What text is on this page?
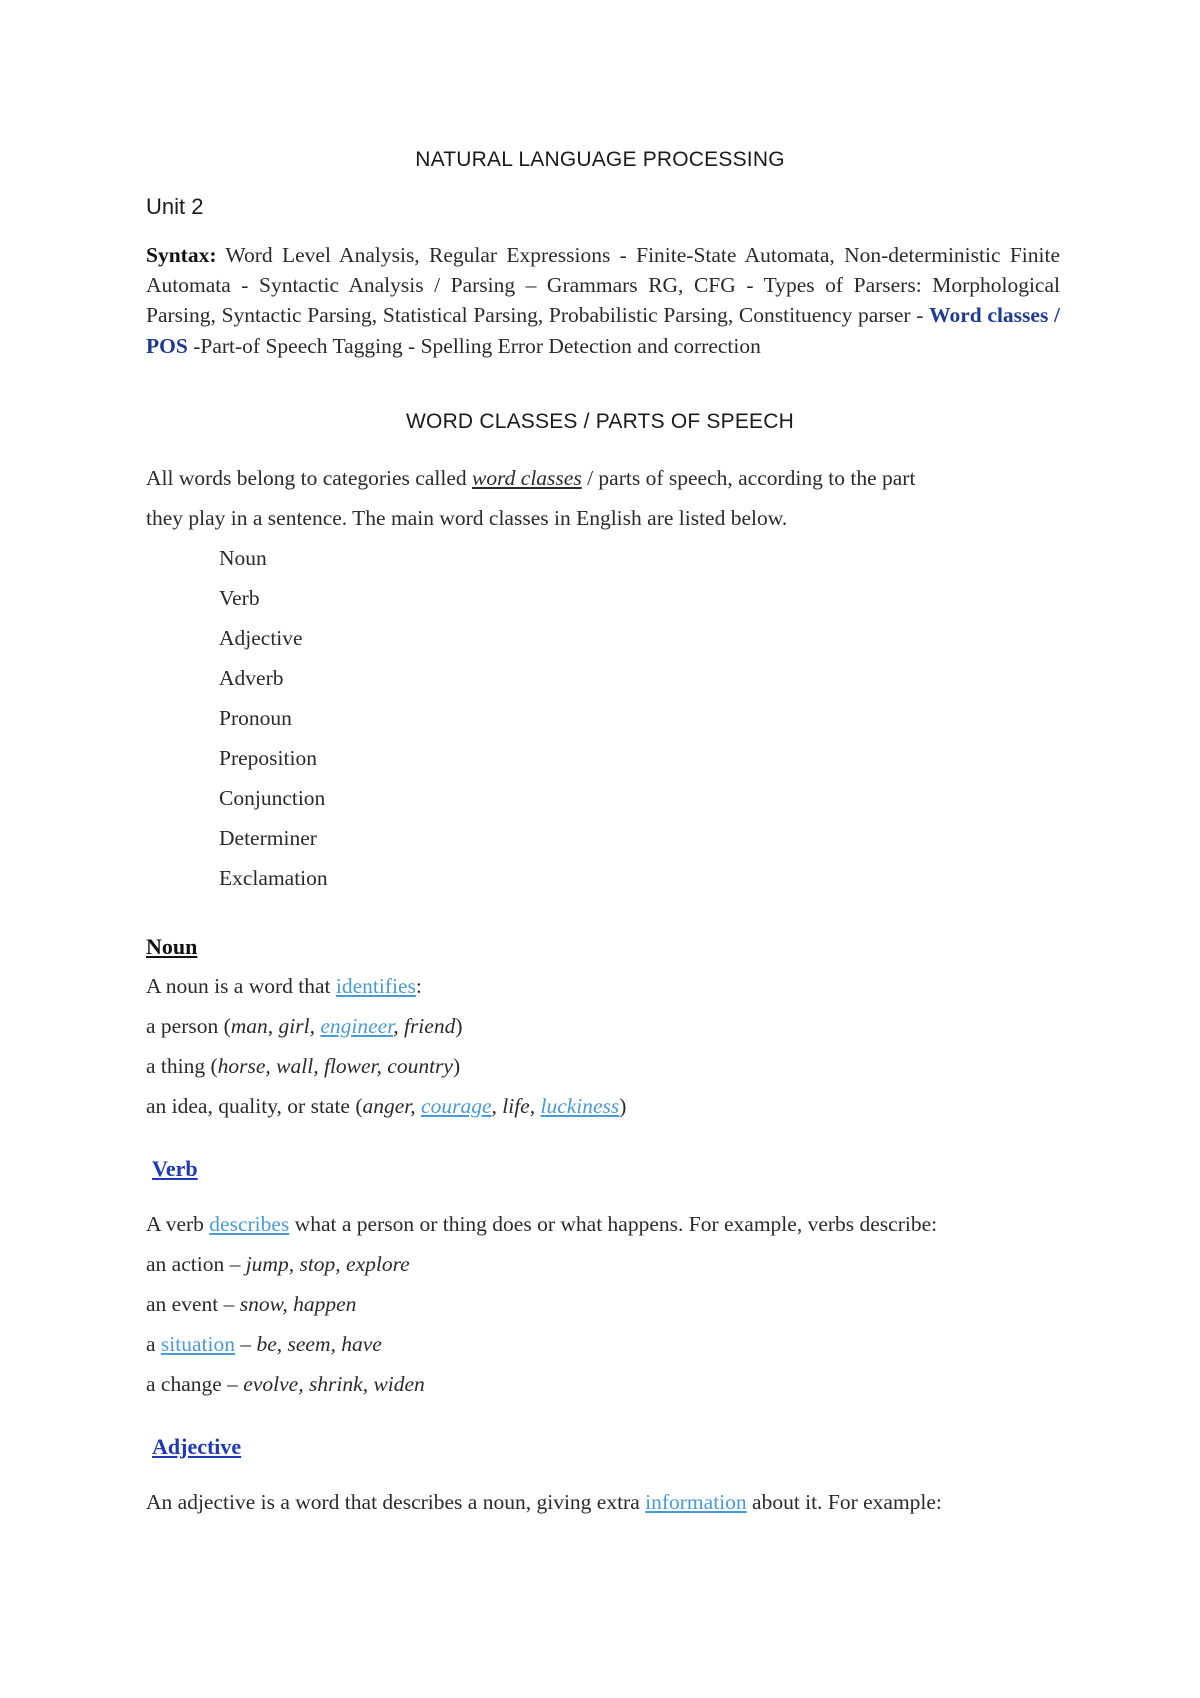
NATURAL LANGUAGE PROCESSING
Unit 2
Syntax: Word Level Analysis, Regular Expressions - Finite-State Automata, Non-deterministic Finite Automata - Syntactic Analysis / Parsing – Grammars RG, CFG - Types of Parsers: Morphological Parsing, Syntactic Parsing, Statistical Parsing, Probabilistic Parsing, Constituency parser - Word classes / POS -Part-of Speech Tagging - Spelling Error Detection and correction
WORD CLASSES / PARTS OF SPEECH
All words belong to categories called word classes / parts of speech, according to the part
they play in a sentence. The main word classes in English are listed below.
Noun
Verb
Adjective
Adverb
Pronoun
Preposition
Conjunction
Determiner
Exclamation
Noun
A noun is a word that identifies:
a person (man, girl, engineer, friend)
a thing (horse, wall, flower, country)
an idea, quality, or state (anger, courage, life, luckiness)
Verb
A verb describes what a person or thing does or what happens. For example, verbs describe:
an action – jump, stop, explore
an event – snow, happen
a situation – be, seem, have
a change – evolve, shrink, widen
Adjective
An adjective is a word that describes a noun, giving extra information about it. For example:
